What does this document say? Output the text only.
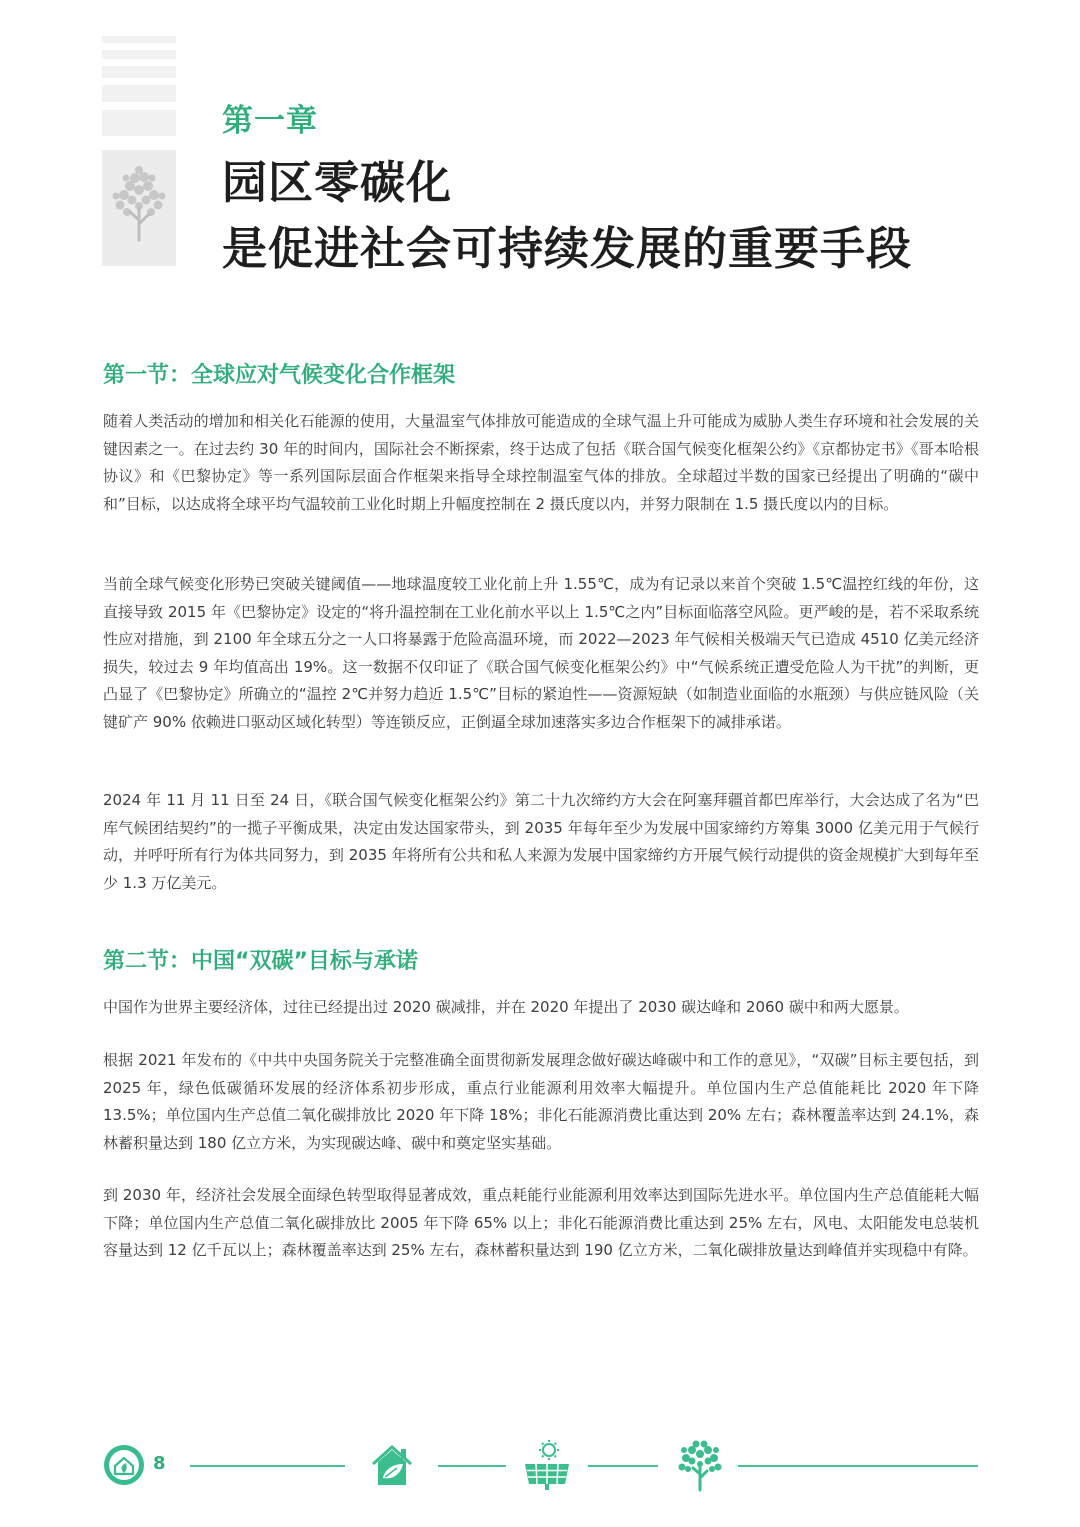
第一章
园区零碳化
是促进社会可持续发展的重要手段
第一节：全球应对气候变化合作框架
随着人类活动的增加和相关化石能源的使用，大量温室气体排放可能造成的全球气温上升可能成为威胁人类生存环境和社会发展的关键因素之一。在过去约 30 年的时间内，国际社会不断探索，终于达成了包括《联合国气候变化框架公约》《京都协定书》《哥本哈根协议》和《巴黎协定》等一系列国际层面合作框架来指导全球控制温室气体的排放。全球超过半数的国家已经提出了明确的“碳中和”目标，以达成将全球平均气温较前工业化时期上升幅度控制在 2 摄氏度以内，并努力限制在 1.5 摄氏度以内的目标。
当前全球气候变化形势已突破关键阈值——地球温度较工业化前上升 1.55℃，成为有记录以来首个突破 1.5℃温控红线的年份，这直接导致 2015 年《巴黎协定》设定的“将升温控制在工业化前水平以上 1.5℃之内”目标面临落空风险。更严峻的是，若不采取系统性应对措施，到 2100 年全球五分之一人口将暴露于危险高温环境，而 2022—2023 年气候相关极端天气已造成 4510 亿美元经济损失，较过去 9 年均值高出 19%。这一数据不仅印证了《联合国气候变化框架公约》中“气候系统正遭受危险人为干扰”的判断，更凸显了《巴黎协定》所确立的“温控 2℃并努力趋近 1.5℃”目标的紧迫性——资源短缺（如制造业面临的水瓶颈）与供应链风险（关键矿产 90% 依赖进口驱动区域化转型）等连锁反应，正倒逼全球加速落实多边合作框架下的减排承诺。
2024 年 11 月 11 日至 24 日，《联合国气候变化框架公约》第二十九次缔约方大会在阿塞拜疆首都巴库举行，大会达成了名为“巴库气候团结契约”的一揽子平衡成果，决定由发达国家带头，到 2035 年每年至少为发展中国家缔约方筹集 3000 亿美元用于气候行动，并呼吁所有行为体共同努力，到 2035 年将所有公共和私人来源为发展中国家缔约方开展气候行动提供的资金规模扩大到每年至少 1.3 万亿美元。
第二节：中国“双碳”目标与承诺
中国作为世界主要经济体，过往已经提出过 2020 碳减排，并在 2020 年提出了 2030 碳达峰和 2060 碳中和两大愿景。
根据 2021 年发布的《中共中央国务院关于完整准确全面贯彻新发展理念做好碳达峰碳中和工作的意见》，“双碳”目标主要包括，到 2025 年，绿色低碳循环发展的经济体系初步形成，重点行业能源利用效率大幅提升。单位国内生产总值能耗比 2020 年下降 13.5%；单位国内生产总值二氧化碳排放比 2020 年下降 18%；非化石能源消费比重达到 20% 左右；森林覆盖率达到 24.1%，森林蓄积量达到 180 亿立方米，为实现碳达峰、碳中和奠定坚实基础。
到 2030 年，经济社会发展全面绿色转型取得显著成效，重点耗能行业能源利用效率达到国际先进水平。单位国内生产总值能耗大幅下降；单位国内生产总值二氧化碳排放比 2005 年下降 65% 以上；非化石能源消费比重达到 25% 左右，风电、太阳能发电总装机容量达到 12 亿千瓦以上；森林覆盖率达到 25% 左右，森林蓄积量达到 190 亿立方米，二氧化碳排放量达到峰值并实现稳中有降。
8
